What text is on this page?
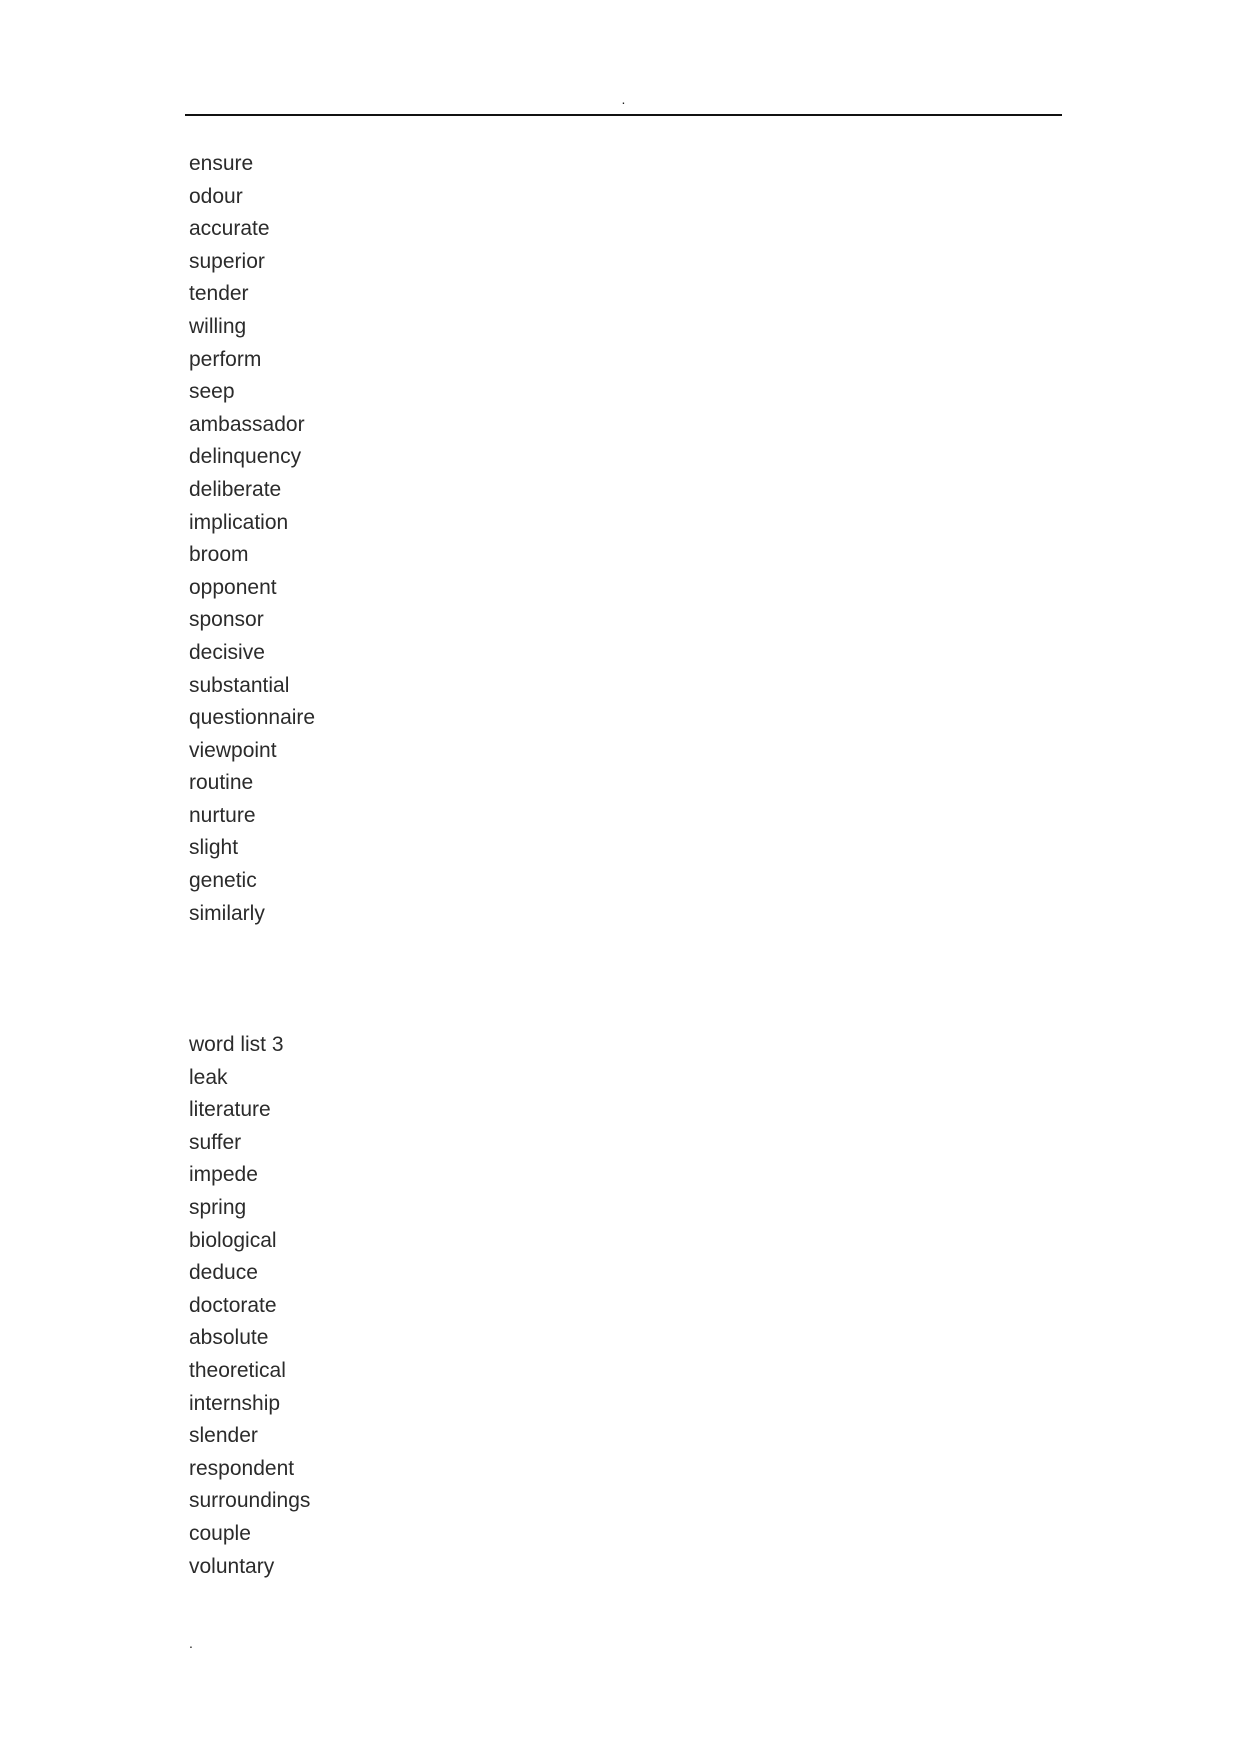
.
ensure
odour
accurate
superior
tender
willing
perform
seep
ambassador
delinquency
deliberate
implication
broom
opponent
sponsor
decisive
substantial
questionnaire
viewpoint
routine
nurture
slight
genetic
similarly
word list 3
leak
literature
suffer
impede
spring
biological
deduce
doctorate
absolute
theoretical
internship
slender
respondent
surroundings
couple
voluntary
.
